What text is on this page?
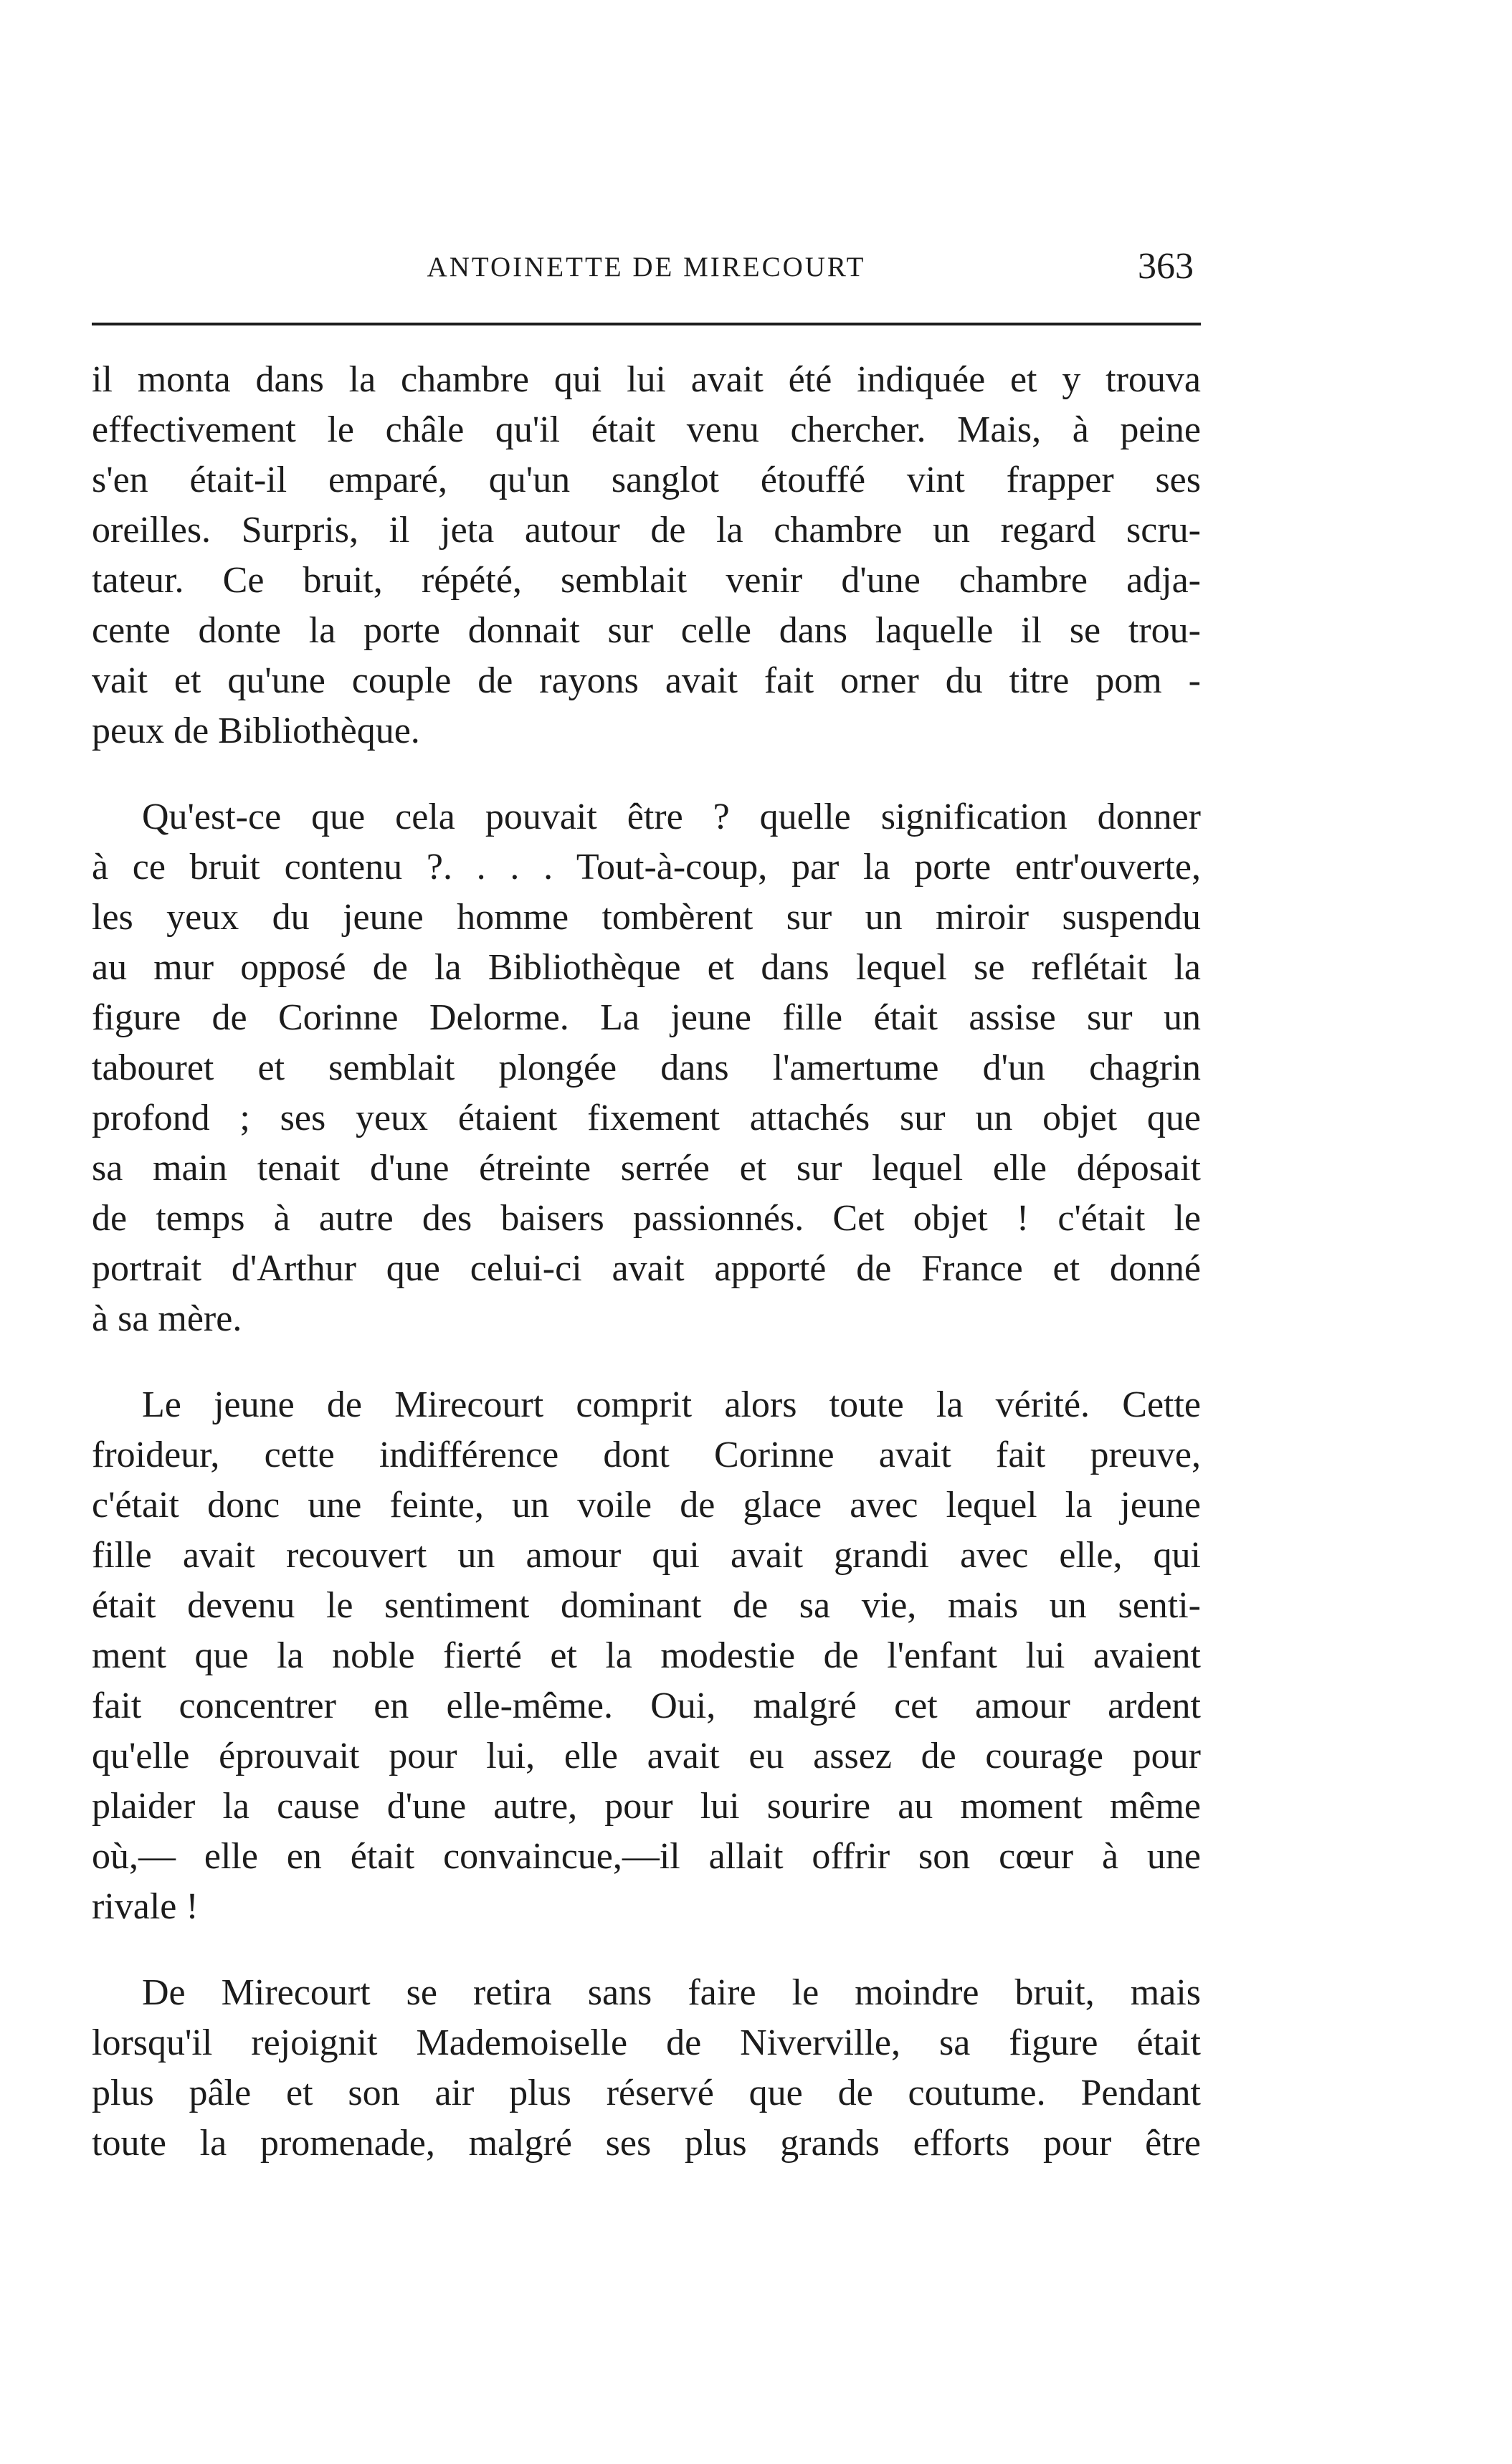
ANTOINETTE DE MIRECOURT	363

il monta dans la chambre qui lui avait été indiquée et y trouva
effectivement le châle qu'il était venu chercher. Mais, à peine
s'en était-il emparé, qu'un sanglot étouffé vint frapper ses
oreilles. Surpris, il jeta autour de la chambre un regard scru-
tateur. Ce bruit, répété, semblait venir d'une chambre adja-
cente donte la porte donnait sur celle dans laquelle il se trou-
vait et qu'une couple de rayons avait fait orner du titre pom -
peux de Bibliothèque.

Qu'est-ce que cela pouvait être ? quelle signification donner
à ce bruit contenu ?. . . . Tout-à-coup, par la porte entr'ouverte,
les yeux du jeune homme tombèrent sur un miroir suspendu
au mur opposé de la Bibliothèque et dans lequel se reflétait la
figure de Corinne Delorme. La jeune fille était assise sur un
tabouret et semblait plongée dans l'amertume d'un chagrin
profond ; ses yeux étaient fixement attachés sur un objet que
sa main tenait d'une étreinte serrée et sur lequel elle déposait
de temps à autre des baisers passionnés. Cet objet ! c'était le
portrait d'Arthur que celui-ci avait apporté de France et donné
à sa mère.

Le jeune de Mirecourt comprit alors toute la vérité. Cette
froideur, cette indifférence dont Corinne avait fait preuve,
c'était donc une feinte, un voile de glace avec lequel la jeune
fille avait recouvert un amour qui avait grandi avec elle, qui
était devenu le sentiment dominant de sa vie, mais un senti-
ment que la noble fierté et la modestie de l'enfant lui avaient
fait concentrer en elle-même. Oui, malgré cet amour ardent
qu'elle éprouvait pour lui, elle avait eu assez de courage pour
plaider la cause d'une autre, pour lui sourire au moment même
où,— elle en était convaincue,—il allait offrir son cœur à une
rivale !

De Mirecourt se retira sans faire le moindre bruit, mais
lorsqu'il rejoignit Mademoiselle de Niverville, sa figure était
plus pâle et son air plus réservé que de coutume. Pendant
toute la promenade, malgré ses plus grands efforts pour être
